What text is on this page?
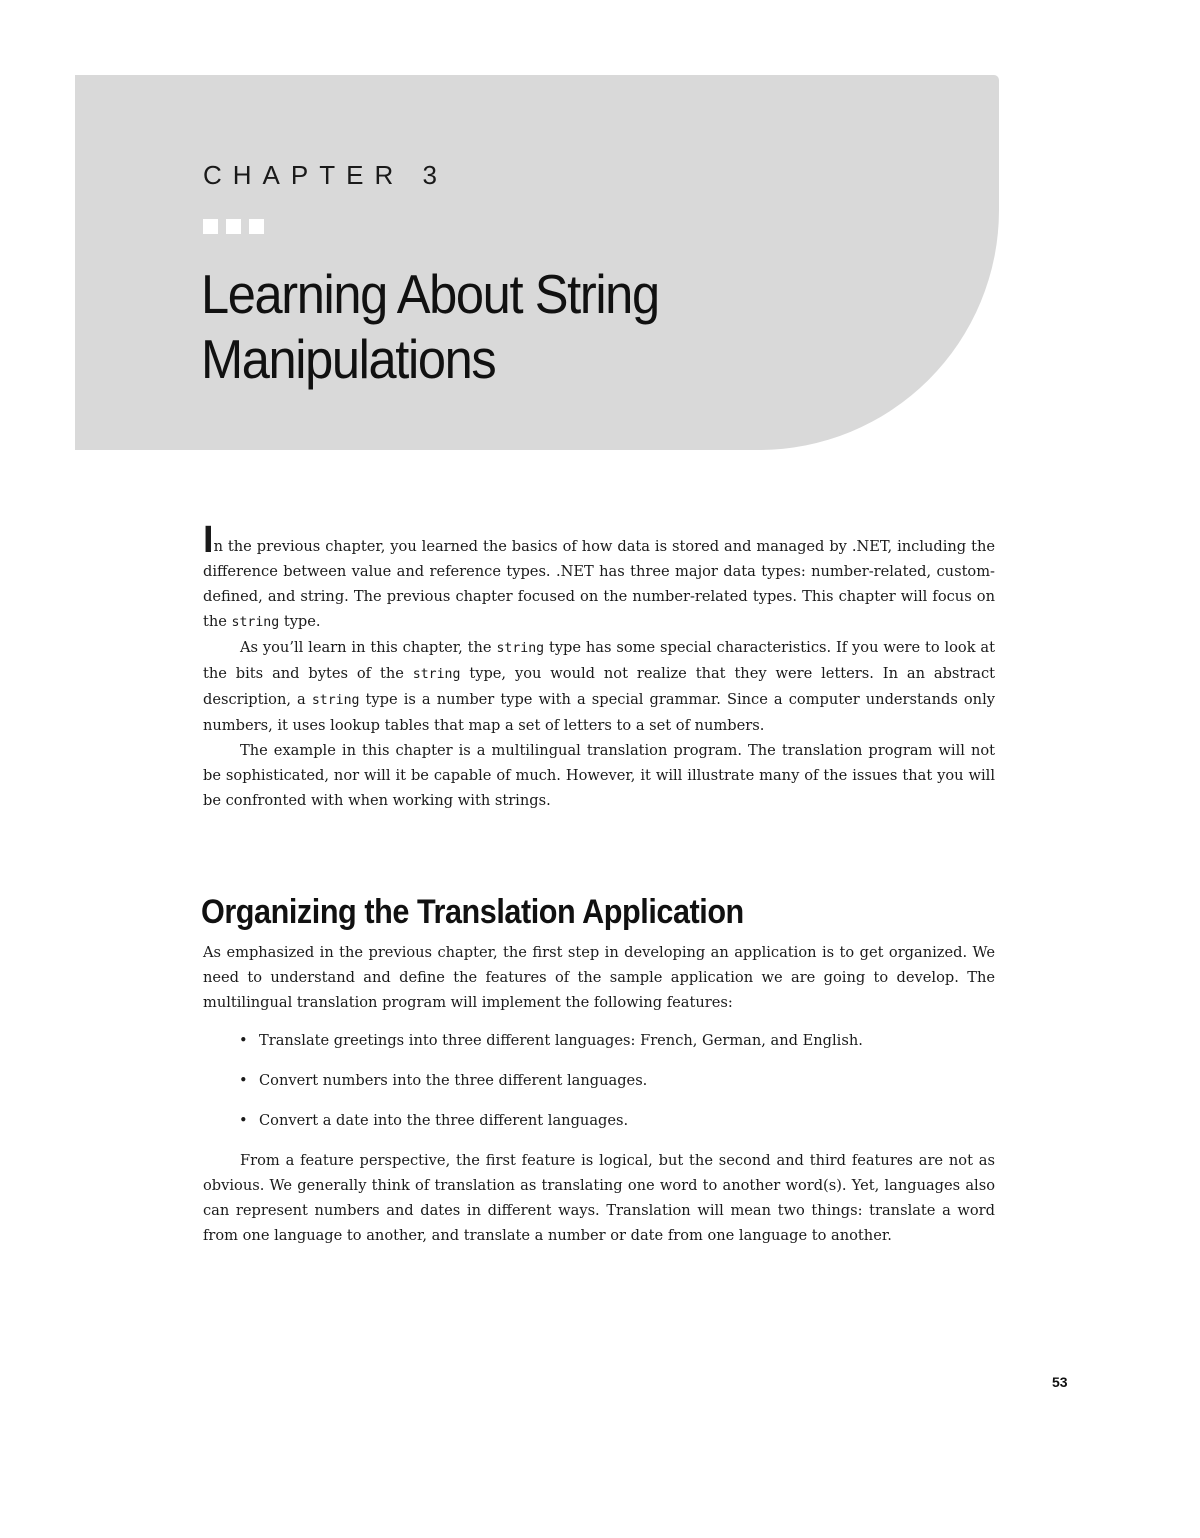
CHAPTER 3
Learning About String
Manipulations

In the previous chapter, you learned the basics of how data is stored and managed by .NET, including the difference between value and reference types. .NET has three major data types: number-related, custom-defined, and string. The previous chapter focused on the number-related types. This chapter will focus on the string type.

As you’ll learn in this chapter, the string type has some special characteristics. If you were to look at the bits and bytes of the string type, you would not realize that they were letters. In an abstract description, a string type is a number type with a special grammar. Since a computer understands only numbers, it uses lookup tables that map a set of letters to a set of numbers.

The example in this chapter is a multilingual translation program. The translation program will not be sophisticated, nor will it be capable of much. However, it will illustrate many of the issues that you will be confronted with when working with strings.

Organizing the Translation Application

As emphasized in the previous chapter, the first step in developing an application is to get organized. We need to understand and define the features of the sample application we are going to develop. The multilingual translation program will implement the following features:

• Translate greetings into three different languages: French, German, and English.
• Convert numbers into the three different languages.
• Convert a date into the three different languages.

From a feature perspective, the first feature is logical, but the second and third features are not as obvious. We generally think of translation as translating one word to another word(s). Yet, languages also can represent numbers and dates in different ways. Translation will mean two things: translate a word from one language to another, and translate a number or date from one language to another.

53
